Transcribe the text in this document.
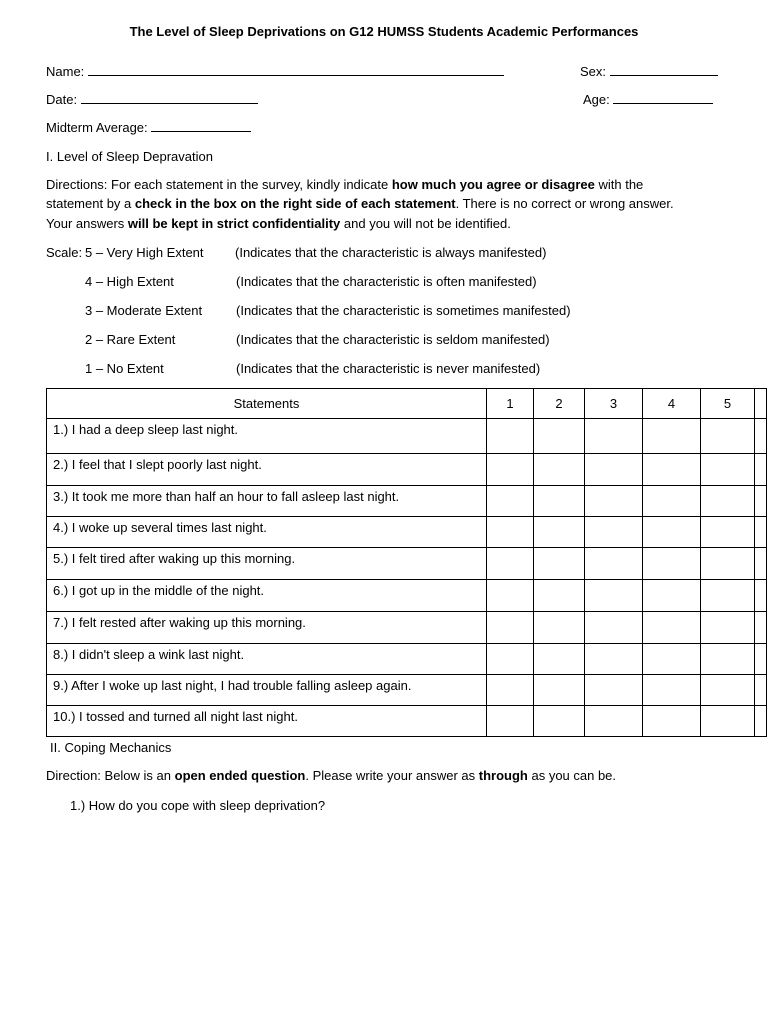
The Level of Sleep Deprivations on G12 HUMSS Students Academic Performances
Name:	Sex:
Date:	Age:
Midterm Average:
I. Level of Sleep Depravation
Directions: For each statement in the survey, kindly indicate how much you agree or disagree with the
statement by a check in the box on the right side of each statement. There is no correct or wrong answer.
Your answers will be kept in strict confidentiality and you will not be identified.
Scale: 5 – Very High Extent (Indicates that the characteristic is always manifested)
4 – High Extent	(Indicates that the characteristic is often manifested)
3 – Moderate Extent	(Indicates that the characteristic is sometimes manifested)
2 – Rare Extent	(Indicates that the characteristic is seldom manifested)
1 – No Extent	(Indicates that the characteristic is never manifested)
Statements	1	2	3	4	5	
1.) I had a deep sleep last night.						
2.) I feel that I slept poorly last night.						
3.) It took me more than half an hour to fall asleep last night.						
4.) I woke up several times last night.						
5.) I felt tired after waking up this morning.						
6.) I got up in the middle of the night.						
7.) I felt rested after waking up this morning.						
8.) I didn't sleep a wink last night.						
9.) After I woke up last night, I had trouble falling asleep again.						
10.) I tossed and turned all night last night.						
II. Coping Mechanics
Direction: Below is an open ended question. Please write your answer as through as you can be.
1.) How do you cope with sleep deprivation?
